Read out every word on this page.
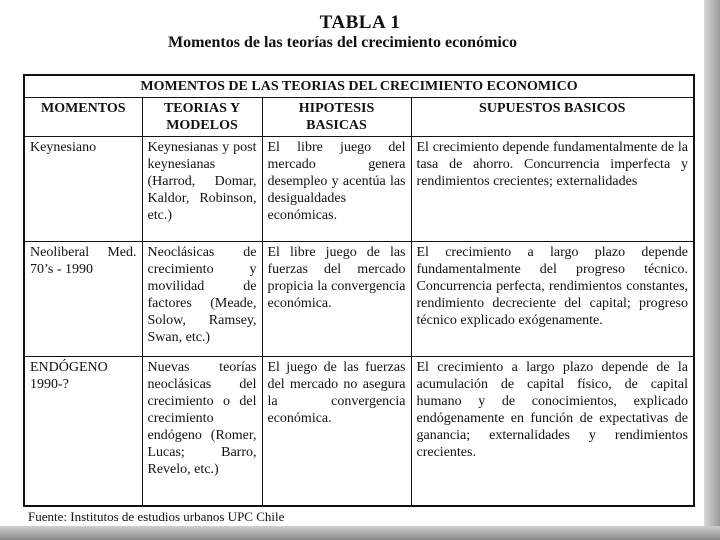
TABLA 1
Momentos de las teorías del crecimiento económico
MOMENTOS DE LAS TEORIAS DEL CRECIMIENTO ECONOMICO			
MOMENTOS	TEORIAS Y MODELOS	HIPOTESIS BASICAS	SUPUESTOS BASICOS
Keynesiano	Keynesianas y post keynesianas (Harrod, Domar, Kaldor, Robinson, etc.)	El libre juego del mercado genera desempleo y acentúa las desigualdades económicas.	El crecimiento depende fundamentalmente de la tasa de ahorro. Concurrencia imperfecta y rendimientos crecientes; externalidades
Neoliberal Med. 70’s - 1990	Neoclásicas de crecimiento y movilidad de factores (Meade, Solow, Ramsey, Swan, etc.)	El libre juego de las fuerzas del mercado propicia la convergencia económica.	El crecimiento a largo plazo depende fundamentalmente del progreso técnico. Concurrencia perfecta, rendimientos constantes, rendimiento decreciente del capital; progreso técnico explicado exógenamente.
ENDÓGENO 1990-?	Nuevas teorías neoclásicas del crecimiento o del crecimiento endógeno (Romer, Lucas; Barro, Revelo, etc.)	El juego de las fuerzas del mercado no asegura la convergencia económica.	El crecimiento a largo plazo depende de la acumulación de capital físico, de capital humano y de conocimientos, explicado endógenamente en función de expectativas de ganancia; externalidades y rendimientos crecientes.
Fuente: Institutos de estudios urbanos UPC Chile
